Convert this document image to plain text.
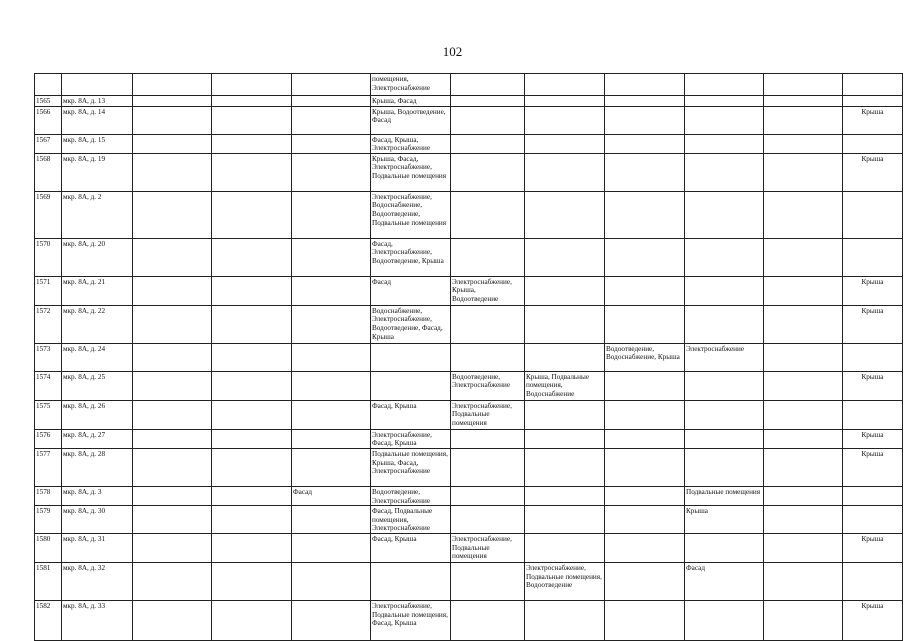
102
					помещения, Электроснабжение						
1565	мкр. 8А, д. 13				Крыша, Фасад						
1566	мкр. 8А, д. 14				Крыша, Водоотведение, Фасад						Крыша
1567	мкр. 8А, д. 15				Фасад, Крыша, Электроснабжение						
1568	мкр. 8А, д. 19				Крыша, Фасад, Электроснабжение, Подвальные помещения						Крыша
1569	мкр. 8А, д. 2				Электроснабжение, Водоснабжение, Водоотведение, Подвальные помещения						
1570	мкр. 8А, д. 20				Фасад, Электроснабжение, Водоотведение, Крыша						
1571	мкр. 8А, д. 21				Фасад	Электроснабжение, Крыша, Водоотведение					Крыша
1572	мкр. 8А, д. 22				Водоснабжение, Электроснабжение, Водоотведение, Фасад, Крыша						Крыша
1573	мкр. 8А, д. 24							Водоотведение, Водоснабжение, Крыша	Электроснабжение		
1574	мкр. 8А, д. 25					Водоотведение, Электроснабжение	Крыша, Подвальные помещения, Водоснабжение				Крыша
1575	мкр. 8А, д. 26				Фасад, Крыша	Электроснабжение, Подвальные помещения					
1576	мкр. 8А, д. 27				Электроснабжение, Фасад, Крыша						Крыша
1577	мкр. 8А, д. 28				Подвальные помещения, Крыша, Фасад, Электроснабжение						Крыша
1578	мкр. 8А, д. 3			Фасад	Водоотведение, Электроснабжение				Подвальные помещения		
1579	мкр. 8А, д. 30				Фасад, Подвальные помещения, Электроснабжение				Крыша		
1580	мкр. 8А, д. 31				Фасад, Крыша	Электроснабжение, Подвальные помещения					Крыша
1581	мкр. 8А, д. 32						Электроснабжение, Подвальные помещения, Водоотведение		Фасад		
1582	мкр. 8А, д. 33				Электроснабжение, Подвальные помещения, Фасад, Крыша						Крыша
